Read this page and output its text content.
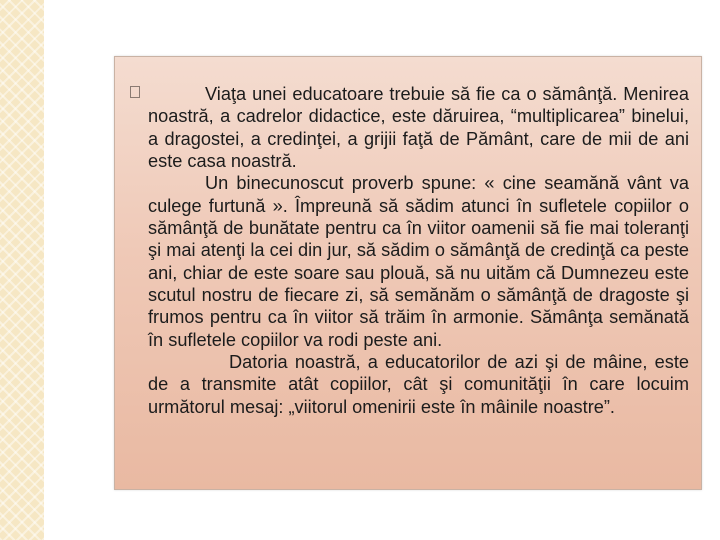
Viaţa unei educatoare trebuie să fie ca o sămânţă. Menirea noastră, a cadrelor didactice, este dăruirea, “multiplicarea” binelui, a dragostei, a credinţei, a grijii faţă de Pământ, care de mii de ani este casa noastră.

Un binecunoscut proverb spune: « cine seamănă vânt va culege furtună ». Împreună să sădim atunci în sufletele copiilor o sămânţă de bunătate pentru ca în viitor oamenii să fie mai toleranţi şi mai atenţi la cei din jur, să sădim o sămânţă de credinţă ca peste ani, chiar de este soare sau plouă, să nu uităm că Dumnezeu este scutul nostru de fiecare zi, să semănăm o sămânţă de dragoste şi frumos pentru ca în viitor să trăim în armonie. Sămânţa semănată în sufletele copiilor va rodi peste ani.

Datoria noastră, a educatorilor de azi şi de mâine, este de a transmite atât copiilor, cât şi comunităţii în care locuim următorul mesaj: „viitorul omenirii este în mâinile noastre”.
